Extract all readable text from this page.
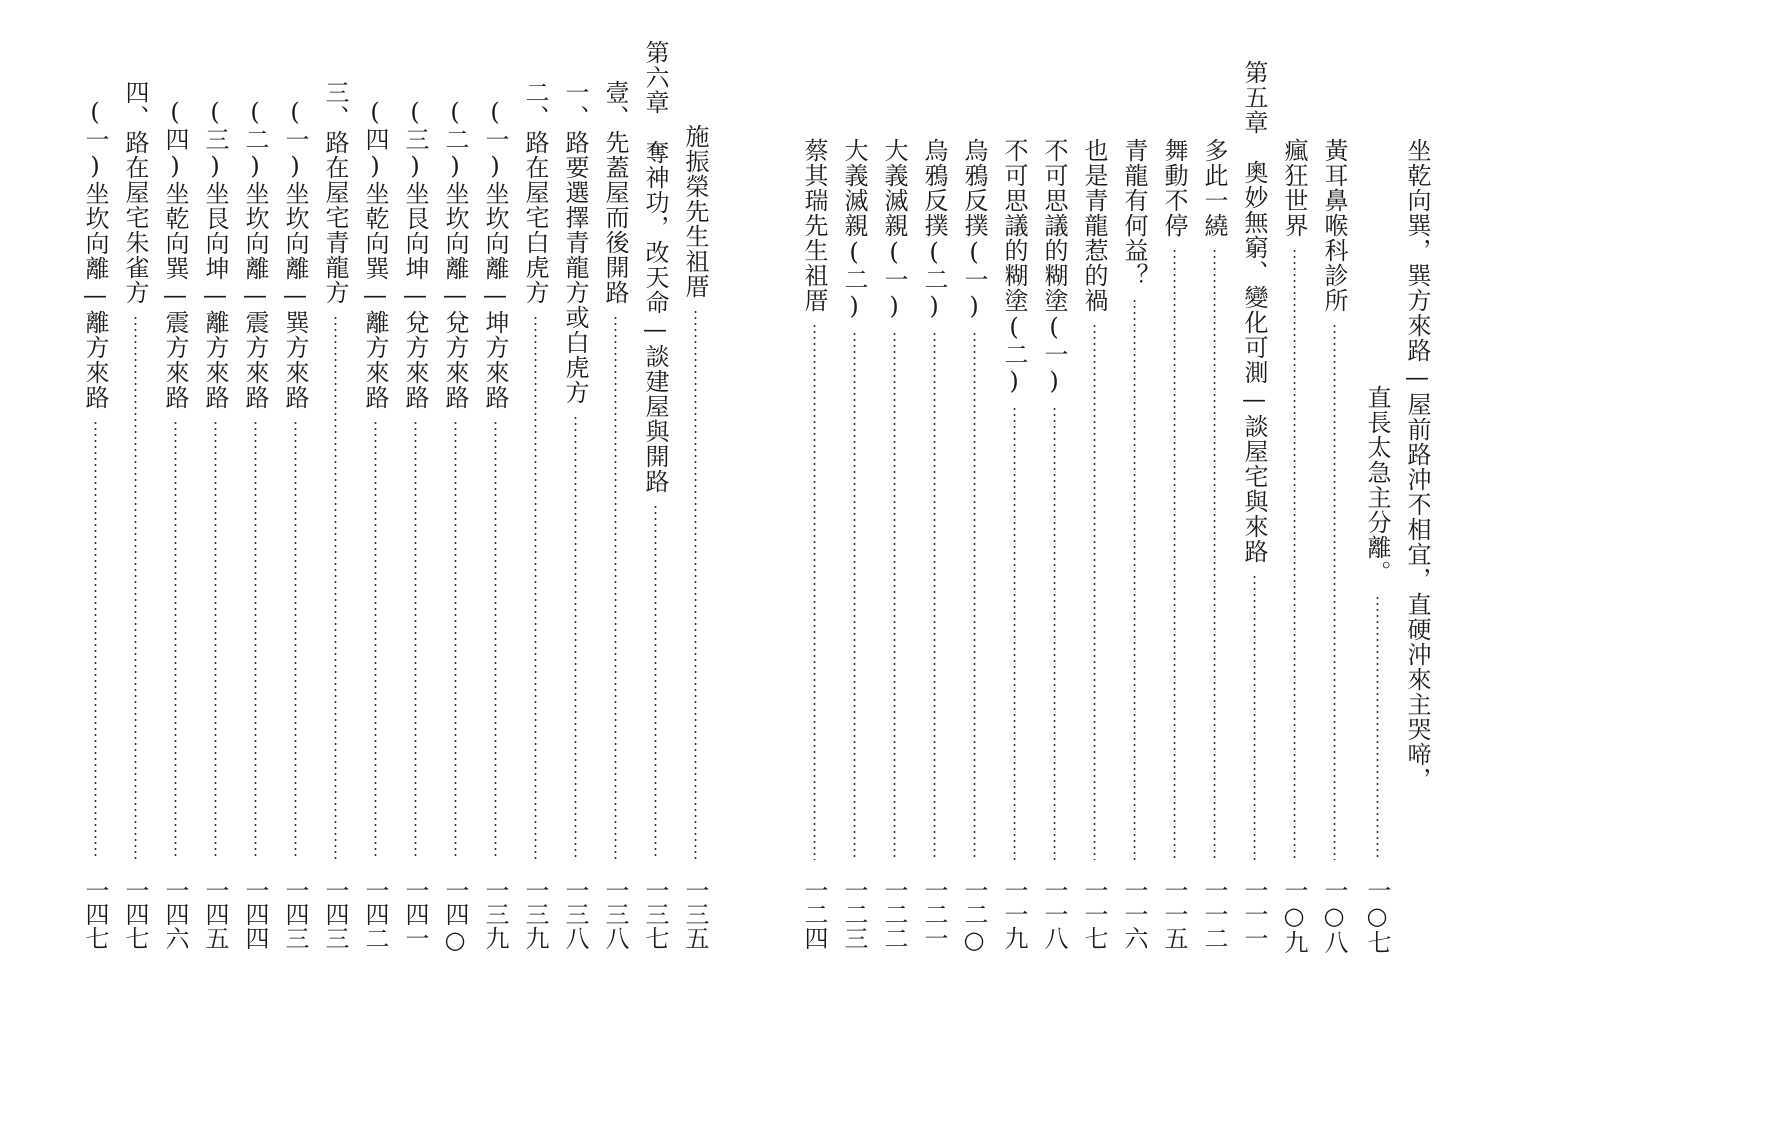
坐乾向巽，巽方來路—屋前路沖不相宜，直硬沖來主哭啼，
直長太急主分離。
一○七
黃耳鼻喉科診所
一○八
瘋狂世界
一○九
第五章　奧妙無窮、變化可測—談屋宅與來路
一一一
多此一繞
一一二
舞動不停
一一五
青龍有何益？
一一六
也是青龍惹的禍
一一七
不可思議的糊塗(一)
一一八
不可思議的糊塗(二)
一一九
烏鴉反撲(一)
一二○
烏鴉反撲(二)
一二一
大義滅親(一)
一二二
大義滅親(二)
一二三
蔡其瑞先生祖厝
一二四
施振榮先生祖厝
一三五
第六章　奪神功，改天命—談建屋與開路
一三七
壹、先蓋屋而後開路
一三八
一、路要選擇青龍方或白虎方
一三八
二、路在屋宅白虎方
一三九
(一)坐坎向離—坤方來路
一三九
(二)坐坎向離—兌方來路
一四○
(三)坐艮向坤—兌方來路
一四一
(四)坐乾向巽—離方來路
一四二
三、路在屋宅青龍方
一四三
(一)坐坎向離—巽方來路
一四三
(二)坐坎向離—震方來路
一四四
(三)坐艮向坤—離方來路
一四五
(四)坐乾向巽—震方來路
一四六
四、路在屋宅朱雀方
一四七
(一)坐坎向離—離方來路
一四七
